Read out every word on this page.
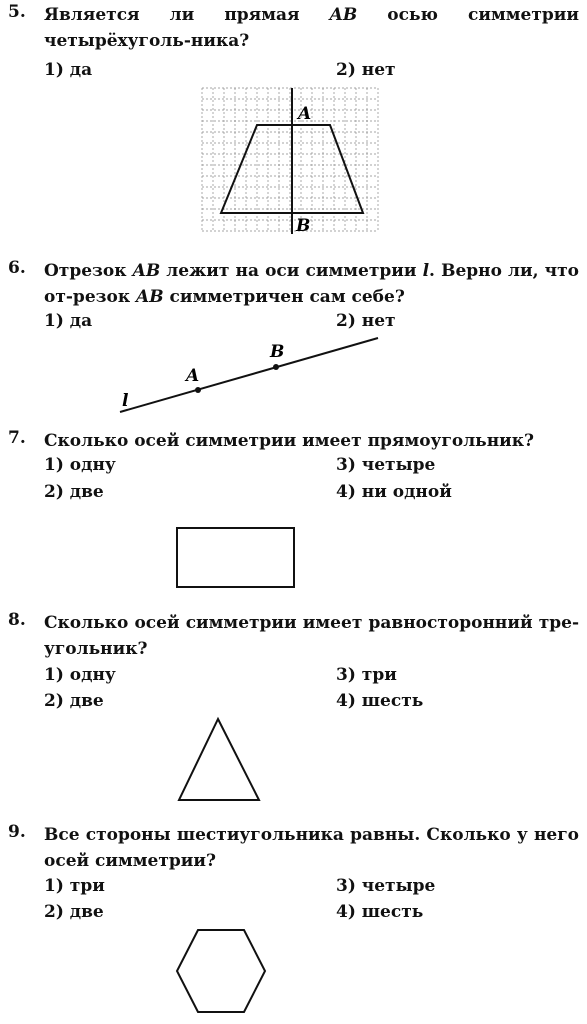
5. Является ли прямая AB осью симметрии четырёхуголь-ника?
1) да	2) нет
A
B
6. Отрезок AB лежит на оси симметрии l. Верно ли, что от-резок AB симметричен сам себе?
1) да	2) нет
A
B
l
7. Сколько осей симметрии имеет прямоугольник?
1) одну
2) две
3) четыре
4) ни одной
8. Сколько осей симметрии имеет равносторонний тре-угольник?
1) одну
2) две
3) три
4) шесть
9. Все стороны шестиугольника равны. Сколько у него осей симметрии?
1) три
2) две
3) четыре
4) шесть
